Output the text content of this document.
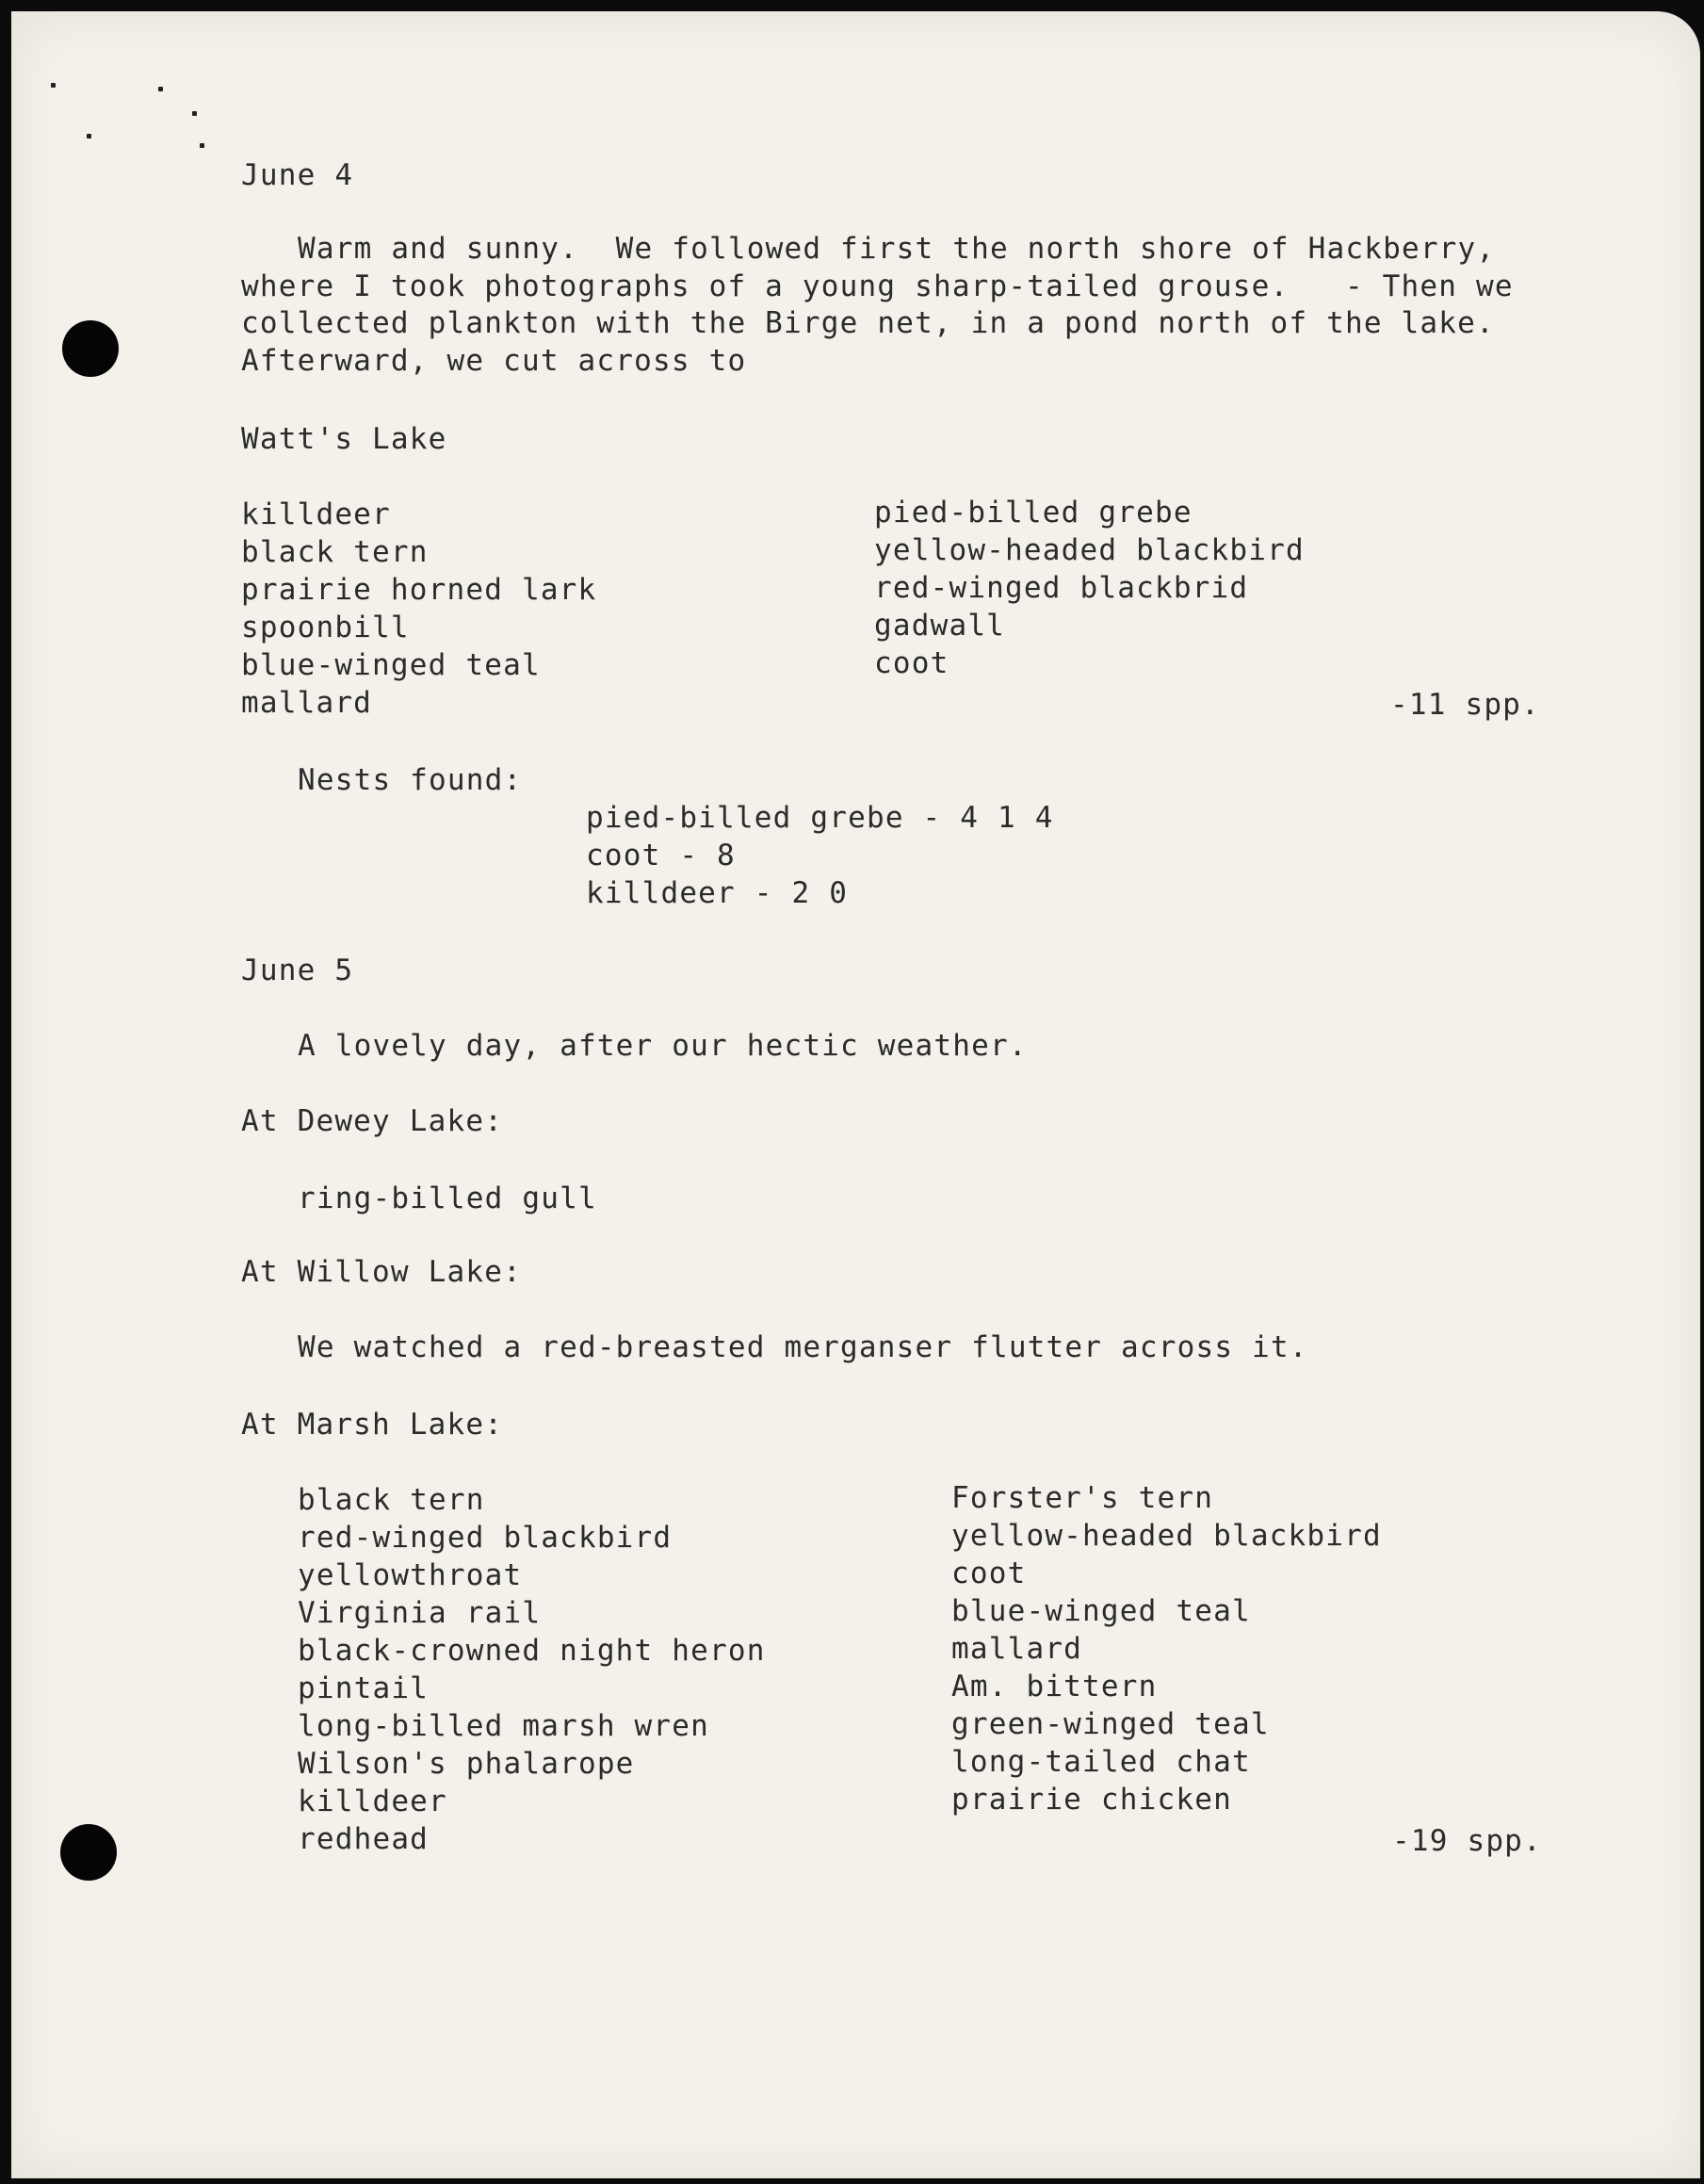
June 4
Warm and sunny.  We followed first the north shore of Hackberry,
where I took photographs of a young sharp-tailed grouse.   - Then we
collected plankton with the Birge net, in a pond north of the lake.
Afterward, we cut across to
Watt's Lake
killdeer
black tern
prairie horned lark
spoonbill
blue-winged teal
mallard
pied-billed grebe
yellow-headed blackbird
red-winged blackbrid
gadwall
coot
-11 spp.
Nests found:
pied-billed grebe - 4 1 4
coot - 8
killdeer - 2 0
June 5
A lovely day, after our hectic weather.
At Dewey Lake:
ring-billed gull
At Willow Lake:
We watched a red-breasted merganser flutter across it.
At Marsh Lake:
black tern
red-winged blackbird
yellowthroat
Virginia rail
black-crowned night heron
pintail
long-billed marsh wren
Wilson's phalarope
killdeer
redhead
Forster's tern
yellow-headed blackbird
coot
blue-winged teal
mallard
Am. bittern
green-winged teal
long-tailed chat
prairie chicken
-19 spp.
